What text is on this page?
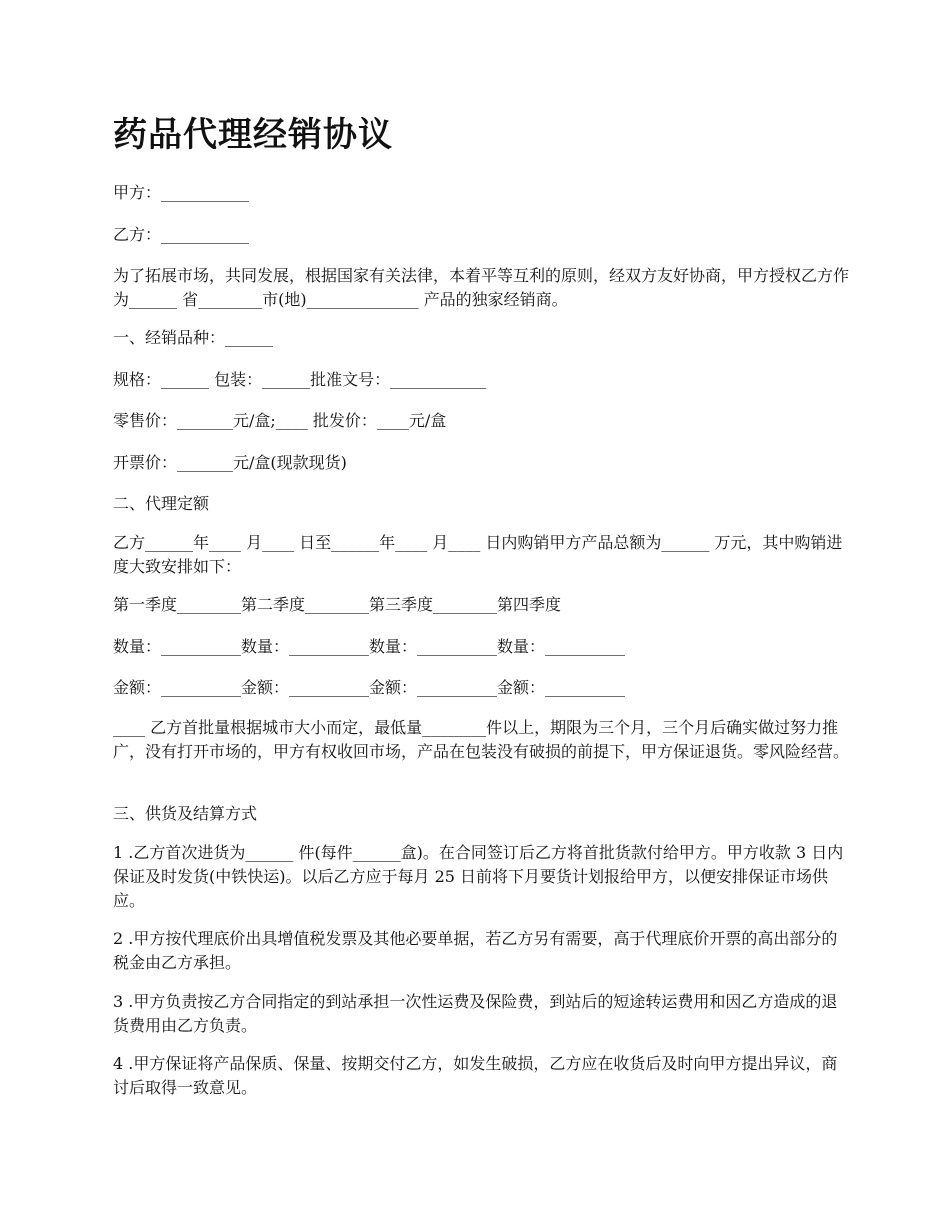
药品代理经销协议

甲方：___________

乙方：___________

为了拓展市场，共同发展，根据国家有关法律，本着平等互利的原则，经双方友好协商，甲方授权乙方作为______ 省________市(地)______________ 产品的独家经销商。

一、经销品种：______

规格：______ 包装：______批准文号：____________

零售价：_______元/盒;____ 批发价：____元/盒

开票价：_______元/盒(现款现货)

二、代理定额

乙方______年____ 月____ 日至______年____ 月____ 日内购销甲方产品总额为______ 万元，其中购销进度大致安排如下：

第一季度________第二季度________第三季度________第四季度

数量：__________数量：__________数量：__________数量：__________

金额：__________金额：__________金额：__________金额：__________

____ 乙方首批量根据城市大小而定，最低量________件以上，期限为三个月，三个月后确实做过努力推广，没有打开市场的，甲方有权收回市场，产品在包装没有破损的前提下，甲方保证退货。零风险经营。

三、供货及结算方式

1 .乙方首次进货为______ 件(每件______盒)。在合同签订后乙方将首批货款付给甲方。甲方收款 3 日内保证及时发货(中铁快运)。以后乙方应于每月 25 日前将下月要货计划报给甲方，以便安排保证市场供应。

2 .甲方按代理底价出具增值税发票及其他必要单据，若乙方另有需要，高于代理底价开票的高出部分的税金由乙方承担。

3 .甲方负责按乙方合同指定的到站承担一次性运费及保险费，到站后的短途转运费用和因乙方造成的退货费用由乙方负责。

4 .甲方保证将产品保质、保量、按期交付乙方，如发生破损，乙方应在收货后及时向甲方提出异议，商讨后取得一致意见。
